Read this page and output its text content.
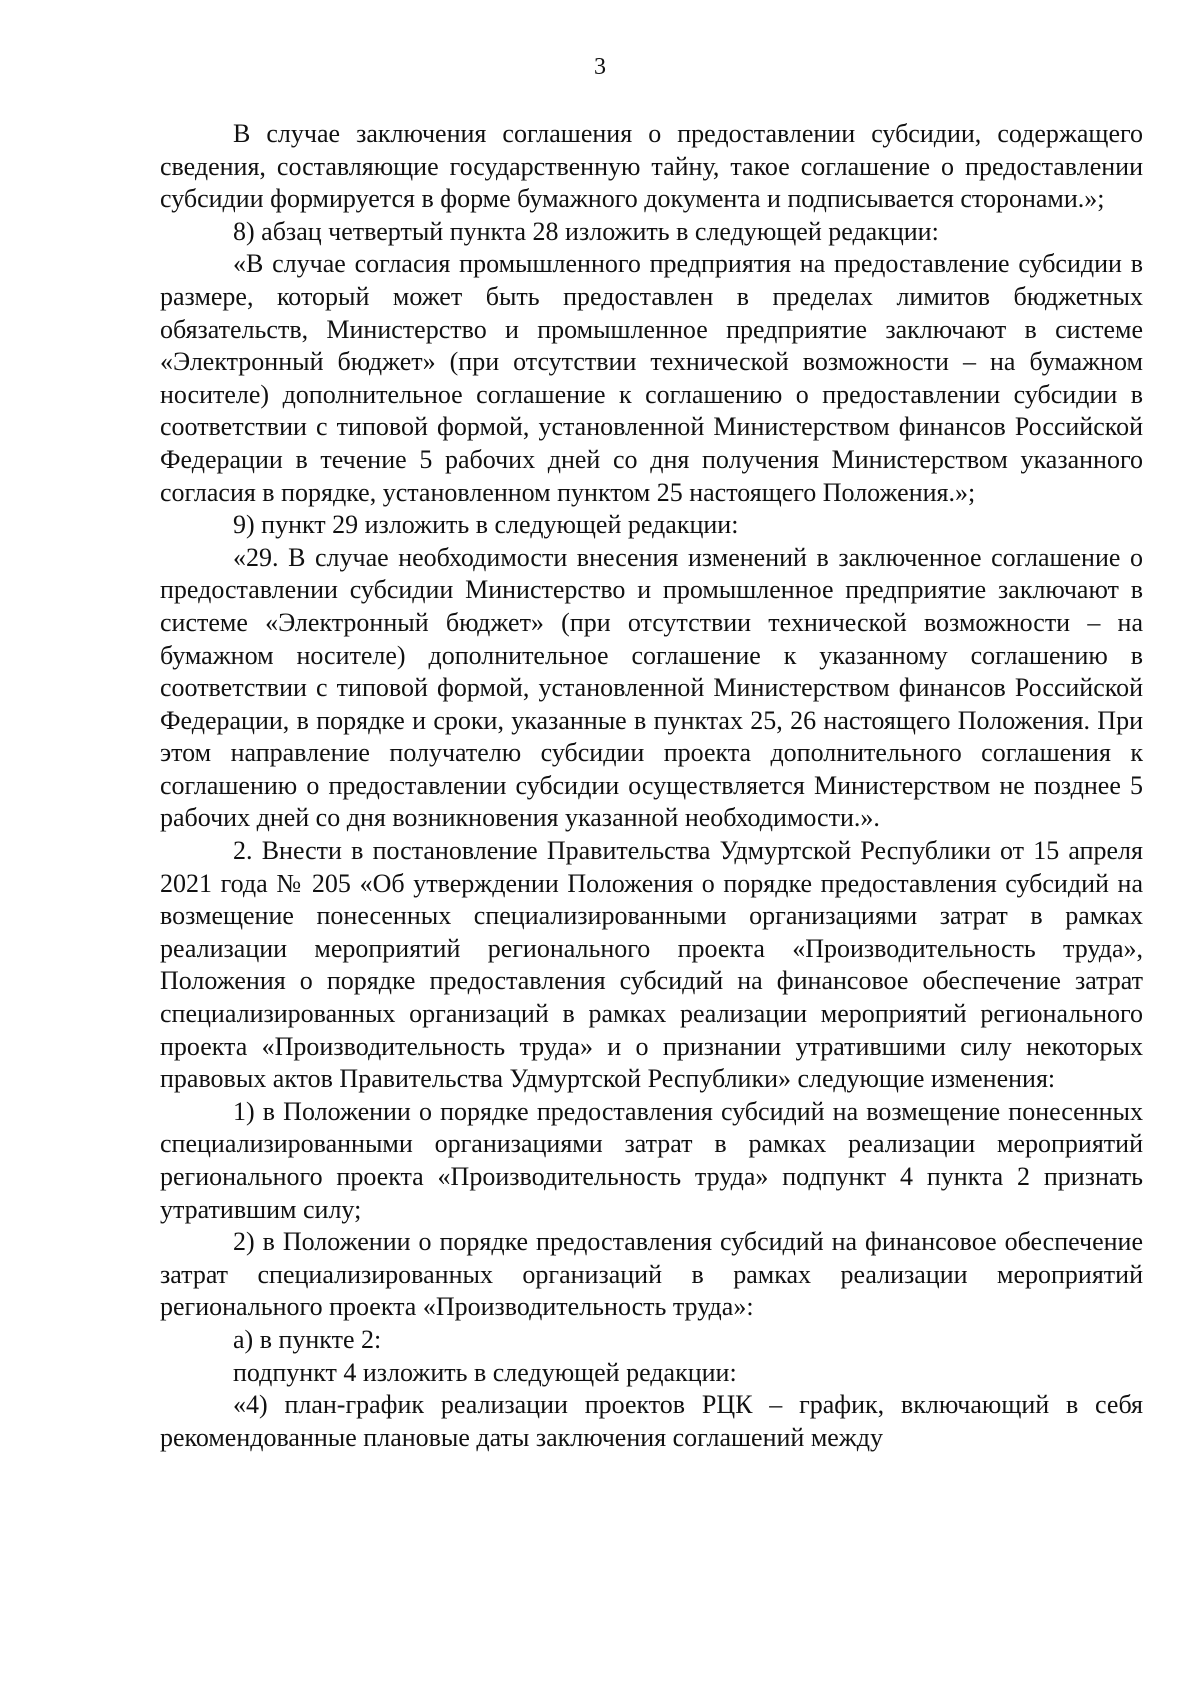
3

В случае заключения соглашения о предоставлении субсидии, содержащего сведения, составляющие государственную тайну, такое соглашение о предоставлении субсидии формируется в форме бумажного документа и подписывается сторонами.»;

8) абзац четвертый пункта 28 изложить в следующей редакции:

«В случае согласия промышленного предприятия на предоставление субсидии в размере, который может быть предоставлен в пределах лимитов бюджетных обязательств, Министерство и промышленное предприятие заключают в системе «Электронный бюджет» (при отсутствии технической возможности – на бумажном носителе) дополнительное соглашение к соглашению о предоставлении субсидии в соответствии с типовой формой, установленной Министерством финансов Российской Федерации в течение 5 рабочих дней со дня получения Министерством указанного согласия в порядке, установленном пунктом 25 настоящего Положения.»;

9) пункт 29 изложить в следующей редакции:

«29. В случае необходимости внесения изменений в заключенное соглашение о предоставлении субсидии Министерство и промышленное предприятие заключают в системе «Электронный бюджет» (при отсутствии технической возможности – на бумажном носителе) дополнительное соглашение к указанному соглашению в соответствии с типовой формой, установленной Министерством финансов Российской Федерации, в порядке и сроки, указанные в пунктах 25, 26 настоящего Положения. При этом направление получателю субсидии проекта дополнительного соглашения к соглашению о предоставлении субсидии осуществляется Министерством не позднее 5 рабочих дней со дня возникновения указанной необходимости.».

2. Внести в постановление Правительства Удмуртской Республики от 15 апреля 2021 года № 205 «Об утверждении Положения о порядке предоставления субсидий на возмещение понесенных специализированными организациями затрат в рамках реализации мероприятий регионального проекта «Производительность труда», Положения о порядке предоставления субсидий на финансовое обеспечение затрат специализированных организаций в рамках реализации мероприятий регионального проекта «Производительность труда» и о признании утратившими силу некоторых правовых актов Правительства Удмуртской Республики» следующие изменения:

1) в Положении о порядке предоставления субсидий на возмещение понесенных специализированными организациями затрат в рамках реализации мероприятий регионального проекта «Производительность труда» подпункт 4 пункта 2 признать утратившим силу;

2) в Положении о порядке предоставления субсидий на финансовое обеспечение затрат специализированных организаций в рамках реализации мероприятий регионального проекта «Производительность труда»:

а) в пункте 2:

подпункт 4 изложить в следующей редакции:

«4) план-график реализации проектов РЦК – график, включающий в себя рекомендованные плановые даты заключения соглашений между
